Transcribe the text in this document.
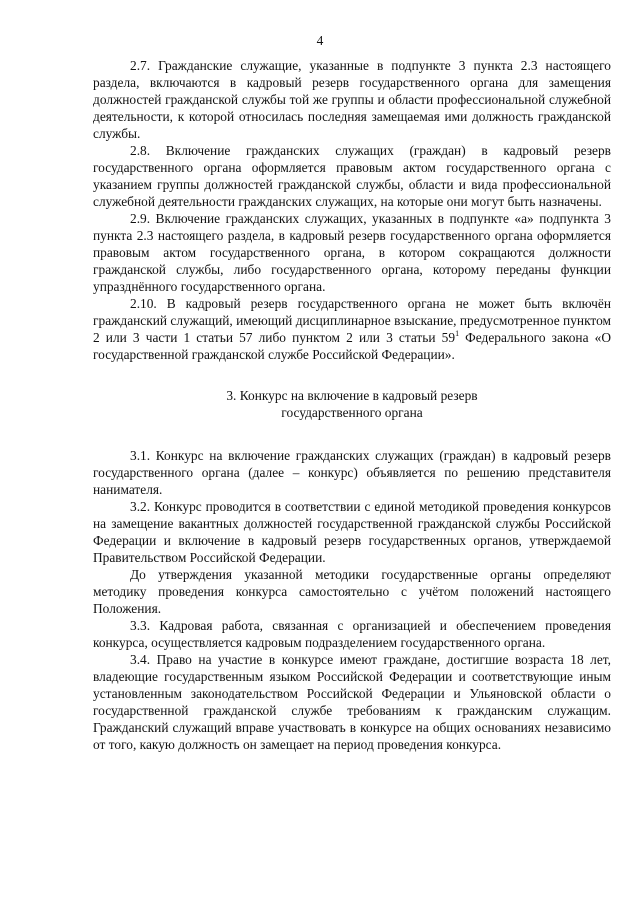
4

2.7. Гражданские служащие, указанные в подпункте 3 пункта 2.3 настоящего раздела, включаются в кадровый резерв государственного органа для замещения должностей гражданской службы той же группы и области профессиональной служебной деятельности, к которой относилась последняя замещаемая ими должность гражданской службы.

2.8. Включение гражданских служащих (граждан) в кадровый резерв государственного органа оформляется правовым актом государственного органа с указанием группы должностей гражданской службы, области и вида профессиональной служебной деятельности гражданских служащих, на которые они могут быть назначены.

2.9. Включение гражданских служащих, указанных в подпункте «а» подпункта 3 пункта 2.3 настоящего раздела, в кадровый резерв государственного органа оформляется правовым актом государственного органа, в котором сокращаются должности гражданской службы, либо государственного органа, которому переданы функции упразднённого государственного органа.

2.10. В кадровый резерв государственного органа не может быть включён гражданский служащий, имеющий дисциплинарное взыскание, предусмотренное пунктом 2 или 3 части 1 статьи 57 либо пунктом 2 или 3 статьи $59^1$ Федерального закона «О государственной гражданской службе Российской Федерации».

3. Конкурс на включение в кадровый резерв
государственного органа

3.1. Конкурс на включение гражданских служащих (граждан) в кадровый резерв государственного органа (далее – конкурс) объявляется по решению представителя нанимателя.

3.2. Конкурс проводится в соответствии с единой методикой проведения конкурсов на замещение вакантных должностей государственной гражданской службы Российской Федерации и включение в кадровый резерв государственных органов, утверждаемой Правительством Российской Федерации.

До утверждения указанной методики государственные органы определяют методику проведения конкурса самостоятельно с учётом положений настоящего Положения.

3.3. Кадровая работа, связанная с организацией и обеспечением проведения конкурса, осуществляется кадровым подразделением государственного органа.

3.4. Право на участие в конкурсе имеют граждане, достигшие возраста 18 лет, владеющие государственным языком Российской Федерации и соответствующие иным установленным законодательством Российской Федерации и Ульяновской области о государственной гражданской службе требованиям к гражданским служащим. Гражданский служащий вправе участвовать в конкурсе на общих основаниях независимо от того, какую должность он замещает на период проведения конкурса.
